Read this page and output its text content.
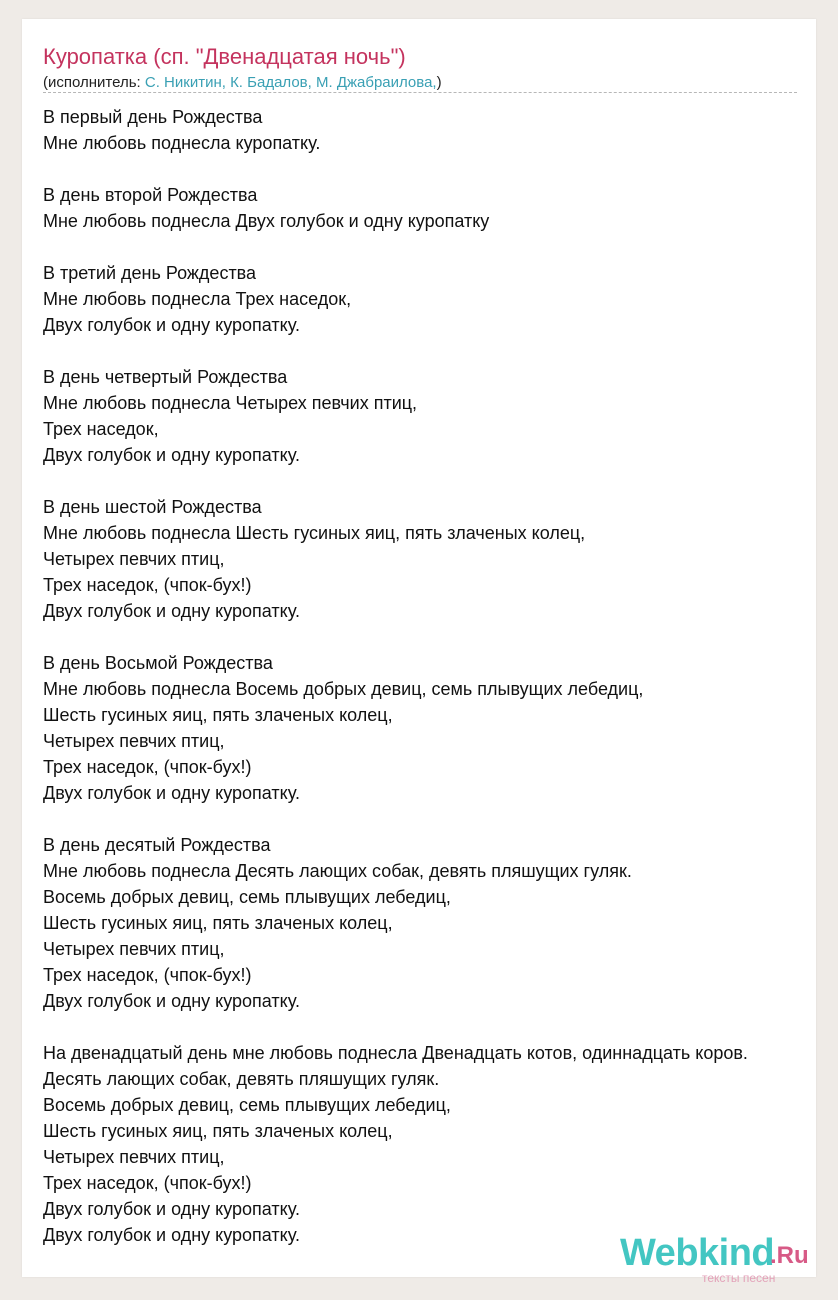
Куропатка (сп. "Двенадцатая ночь")
(исполнитель: С. Никитин, К. Бадалов, М. Джабраилова,)
В первый день Рождества
Мне любовь поднесла куропатку.
В день второй Рождества
Мне любовь поднесла Двух голубок и одну куропатку
В третий день Рождества
Мне любовь поднесла Трех наседок,
Двух голубок и одну куропатку.
В день четвертый Рождества
Мне любовь поднесла Четырех певчих птиц,
Трех наседок,
Двух голубок и одну куропатку.
В день шестой Рождества
Мне любовь поднесла Шесть гусиных яиц, пять злаченых колец,
Четырех певчих птиц,
Трех наседок, (чпок-бух!)
Двух голубок и одну куропатку.
В день Восьмой Рождества
Мне любовь поднесла Восемь добрых девиц, семь плывущих лебедиц,
Шесть гусиных яиц, пять злаченых колец,
Четырех певчих птиц,
Трех наседок, (чпок-бух!)
Двух голубок и одну куропатку.
В день десятый Рождества
Мне любовь поднесла Десять лающих собак, девять пляшущих гуляк.
Восемь добрых девиц, семь плывущих лебедиц,
Шесть гусиных яиц, пять злаченых колец,
Четырех певчих птиц,
Трех наседок, (чпок-бух!)
Двух голубок и одну куропатку.
На двенадцатый день мне любовь поднесла Двенадцать котов, одиннадцать коров.
Десять лающих собак, девять пляшущих гуляк.
Восемь добрых девиц, семь плывущих лебедиц,
Шесть гусиных яиц, пять злаченых колец,
Четырех певчих птиц,
Трех наседок, (чпок-бух!)
Двух голубок и одну куропатку.
Двух голубок и одну куропатку.	Webkind
.Ru
тексты песен
